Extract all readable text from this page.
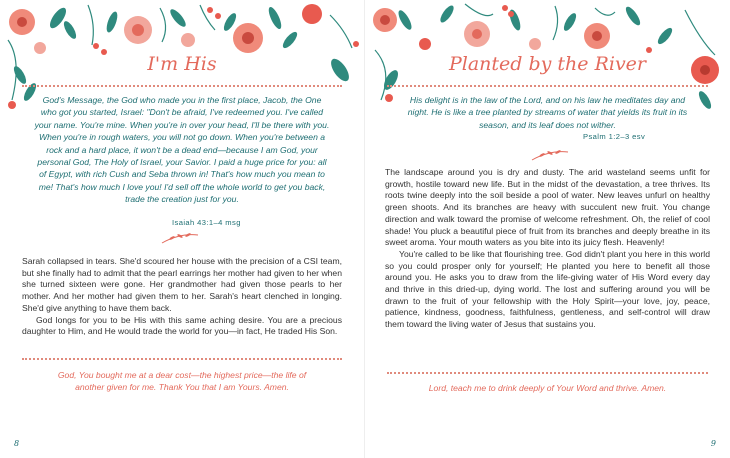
I'm His
God's Message, the God who made you in the first place, Jacob, the One who got you started, Israel: "Don't be afraid, I've redeemed you. I've called your name. You're mine. When you're in over your head, I'll be there with you. When you're in rough waters, you will not go down. When you're between a rock and a hard place, it won't be a dead end—because I am God, your personal God, The Holy of Israel, your Savior. I paid a huge price for you: all of Egypt, with rich Cush and Seba thrown in! That's how much you mean to me! That's how much I love you! I'd sell off the whole world to get you back, trade the creation just for you.
Isaiah 43:1–4 msg

Sarah collapsed in tears. She'd scoured her house with the precision of a CSI team, but she finally had to admit that the pearl earrings her mother had given to her when she turned sixteen were gone. Her grandmother had given those pearls to her mother. And her mother had given them to her. Sarah's heart clenched in longing. She'd give anything to have them back.

God longs for you to be His with this same aching desire. You are a precious daughter to Him, and He would trade the world for you—in fact, He traded His Son.

God, You bought me at a dear cost—the highest price—the life of another given for me. Thank You that I am Yours. Amen.
8
Planted by the River
His delight is in the law of the Lord, and on his law he meditates day and night. He is like a tree planted by streams of water that yields its fruit in its season, and its leaf does not wither.
Psalm 1:2–3 esv

The landscape around you is dry and dusty. The arid wasteland seems unfit for growth, hostile toward new life. But in the midst of the devastation, a tree thrives. Its roots twine deeply into the soil beside a pool of water. New leaves unfurl on healthy green shoots. And its branches are heavy with succulent new fruit. You change direction and walk toward the promise of welcome refreshment. Oh, the relief of cool shade! You pluck a beautiful piece of fruit from its branches and deeply breathe in its sweet aroma. Your mouth waters as you bite into its juicy flesh. Heavenly!

You're called to be like that flourishing tree. God didn't plant you here in this world so you could prosper only for yourself; He planted you here to benefit all those around you. He asks you to draw from the life-giving water of His Word every day and thrive in this dried-up, dying world. The lost and suffering around you will be drawn to the fruit of your fellowship with the Holy Spirit—your love, joy, peace, patience, kindness, goodness, faithfulness, gentleness, and self-control will draw them toward the living water of Jesus that sustains you.

Lord, teach me to drink deeply of Your Word and thrive. Amen.
9
